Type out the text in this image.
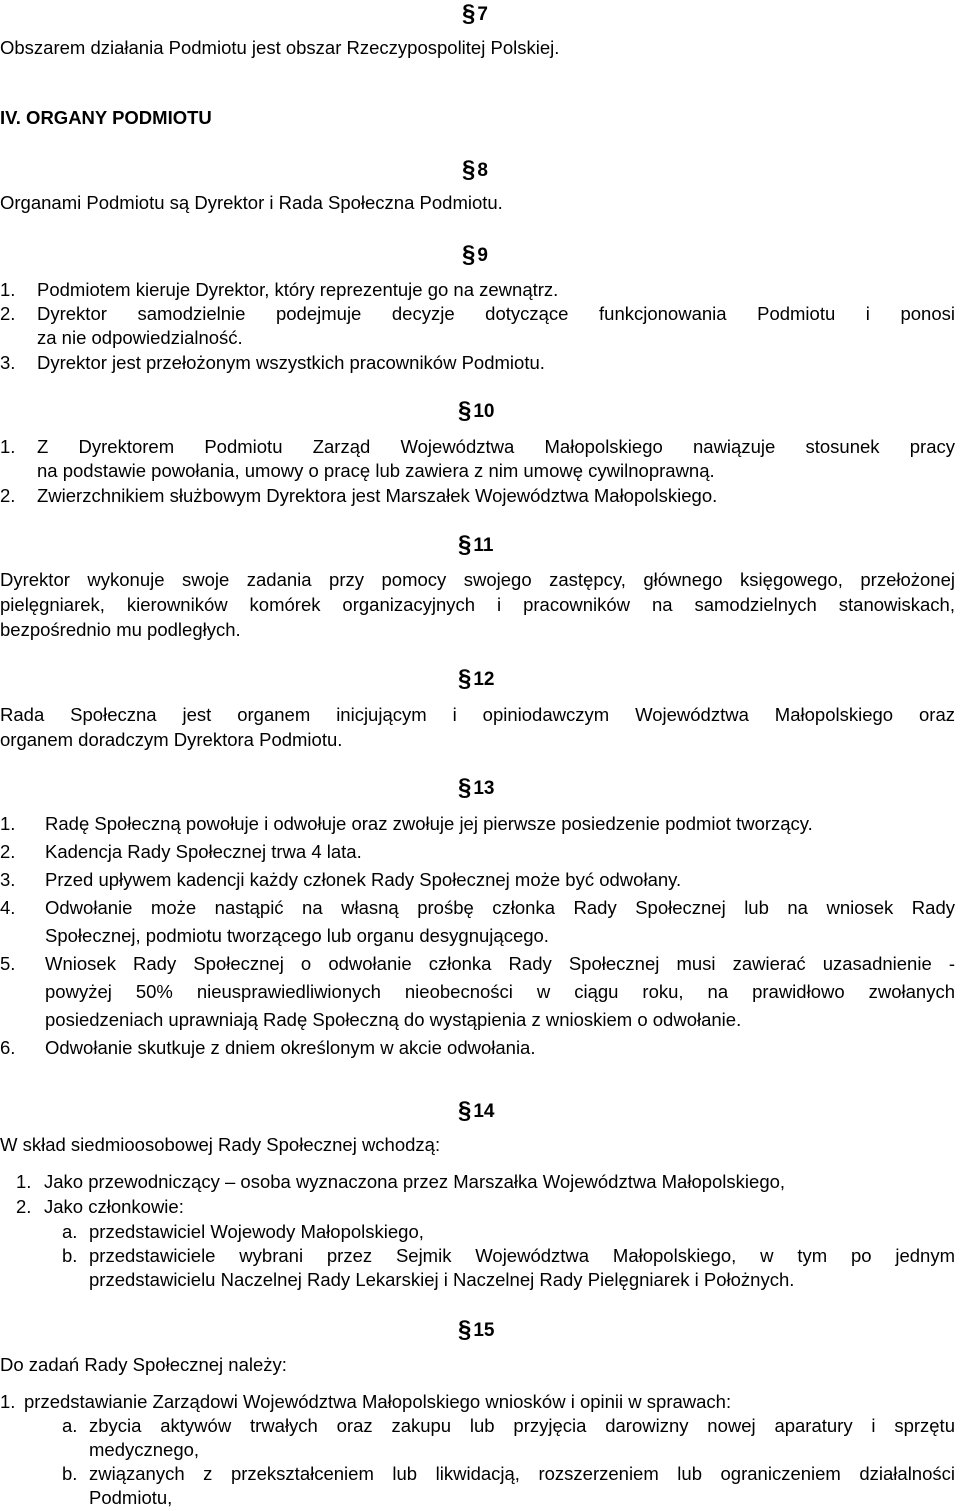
§ 7
Obszarem działania Podmiotu jest obszar Rzeczypospolitej Polskiej.
IV. ORGANY PODMIOTU
§ 8
Organami Podmiotu są Dyrektor i Rada Społeczna Podmiotu.
§ 9
1. Podmiotem kieruje Dyrektor, który reprezentuje go na zewnątrz.
2. Dyrektor samodzielnie podejmuje decyzje dotyczące funkcjonowania Podmiotu i ponosi
za nie odpowiedzialność.
3. Dyrektor jest przełożonym wszystkich pracowników Podmiotu.
§ 10
1. Z Dyrektorem Podmiotu Zarząd Województwa Małopolskiego nawiązuje stosunek pracy
na podstawie powołania, umowy o pracę lub zawiera z nim umowę cywilnoprawną.
2. Zwierzchnikiem służbowym Dyrektora jest Marszałek Województwa Małopolskiego.
§ 11
Dyrektor wykonuje swoje zadania przy pomocy swojego zastępcy, głównego księgowego, przełożonej
pielęgniarek, kierowników komórek organizacyjnych i pracowników na samodzielnych stanowiskach,
bezpośrednio mu podległych.
§ 12
Rada Społeczna jest organem inicjującym i opiniodawczym Województwa Małopolskiego oraz
organem doradczym Dyrektora Podmiotu.
§ 13
1. Radę Społeczną powołuje i odwołuje oraz zwołuje jej pierwsze posiedzenie podmiot tworzący.
2. Kadencja Rady Społecznej trwa 4 lata.
3. Przed upływem kadencji każdy członek Rady Społecznej może być odwołany.
4. Odwołanie może nastąpić na własną prośbę członka Rady Społecznej lub na wniosek Rady
Społecznej, podmiotu tworzącego lub organu desygnującego.
5. Wniosek Rady Społecznej o odwołanie członka Rady Społecznej musi zawierać uzasadnienie -
powyżej 50% nieusprawiedliwionych nieobecności w ciągu roku, na prawidłowo zwołanych
posiedzeniach uprawniają Radę Społeczną do wystąpienia z wnioskiem o odwołanie.
6. Odwołanie skutkuje z dniem określonym w akcie odwołania.
§ 14
W skład siedmioosobowej Rady Społecznej wchodzą:
1. Jako przewodniczący – osoba wyznaczona przez Marszałka Województwa Małopolskiego,
2. Jako członkowie:
a. przedstawiciel Wojewody Małopolskiego,
b. przedstawiciele wybrani przez Sejmik Województwa Małopolskiego, w tym po jednym
przedstawicielu Naczelnej Rady Lekarskiej i Naczelnej Rady Pielęgniarek i Położnych.
§ 15
Do zadań Rady Społecznej należy:
1. przedstawianie Zarządowi Województwa Małopolskiego wniosków i opinii w sprawach:
a. zbycia aktywów trwałych oraz zakupu lub przyjęcia darowizny nowej aparatury i sprzętu
medycznego,
b. związanych z przekształceniem lub likwidacją, rozszerzeniem lub ograniczeniem działalności
Podmiotu,
